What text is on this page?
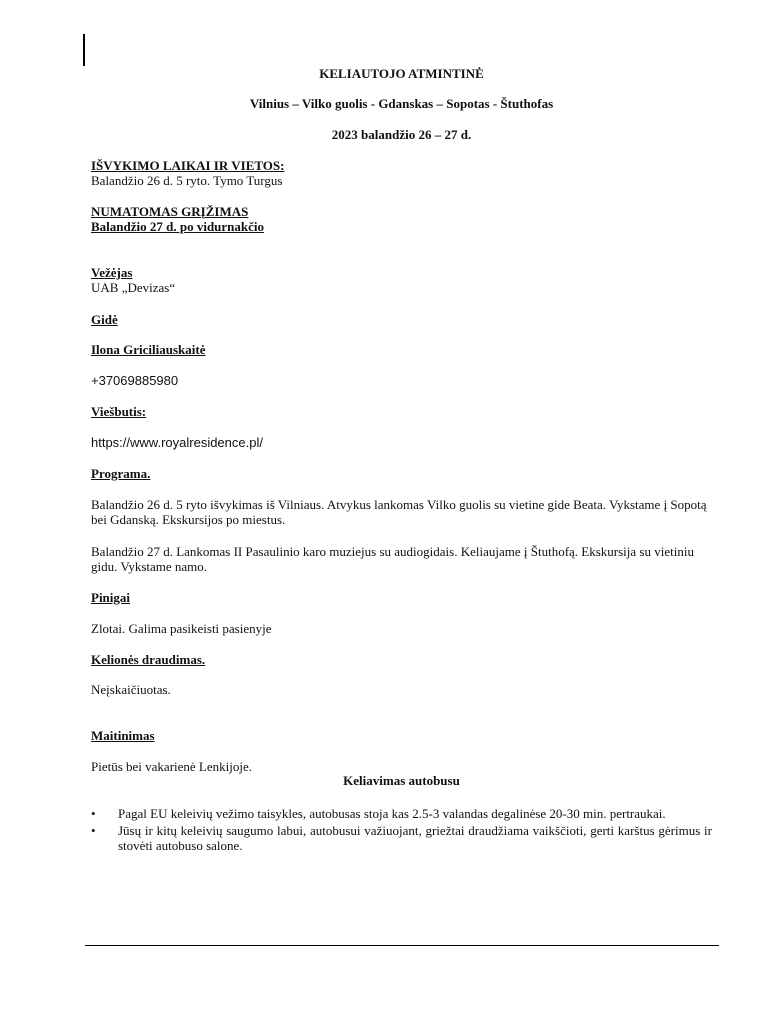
KELIAUTOJO ATMINTINĖ
Vilnius – Vilko guolis - Gdanskas – Sopotas - Štuthofas
2023 balandžio 26 – 27 d.
IŠVYKIMO LAIKAI IR VIETOS:
Balandžio 26 d. 5 ryto. Tymo Turgus
NUMATOMAS GRĮŽIMAS
Balandžio 27 d. po vidurnakčio
Vežėjas
UAB „Devizas“
Gidė
Ilona Griciliauskaitė
+37069885980
Viešbutis:
https://www.royalresidence.pl/
Programa.
Balandžio 26 d. 5 ryto išvykimas iš Vilniaus. Atvykus lankomas Vilko guolis su vietine gide Beata. Vykstame į Sopotą bei Gdanską. Ekskursijos po miestus.
Balandžio 27 d. Lankomas II Pasaulinio karo muziejus su audiogidais. Keliaujame į Štuthofą. Ekskursija su vietiniu gidu. Vykstame namo.
Pinigai
Zlotai. Galima pasikeisti pasienyje
Kelionės draudimas.
Neįskaičiuotas.
Maitinimas
Pietūs bei vakarienė Lenkijoje.
Keliavimas autobusu
• Pagal EU keleivių vežimo taisykles, autobusas stoja kas 2.5-3 valandas degalinėse 20-30 min. pertraukai.
• Jūsų ir kitų keleivių saugumo labui, autobusui važiuojant, griežtai draudžiama vaikščioti, gerti karštus gėrimus ir stovėti autobuso salone.
